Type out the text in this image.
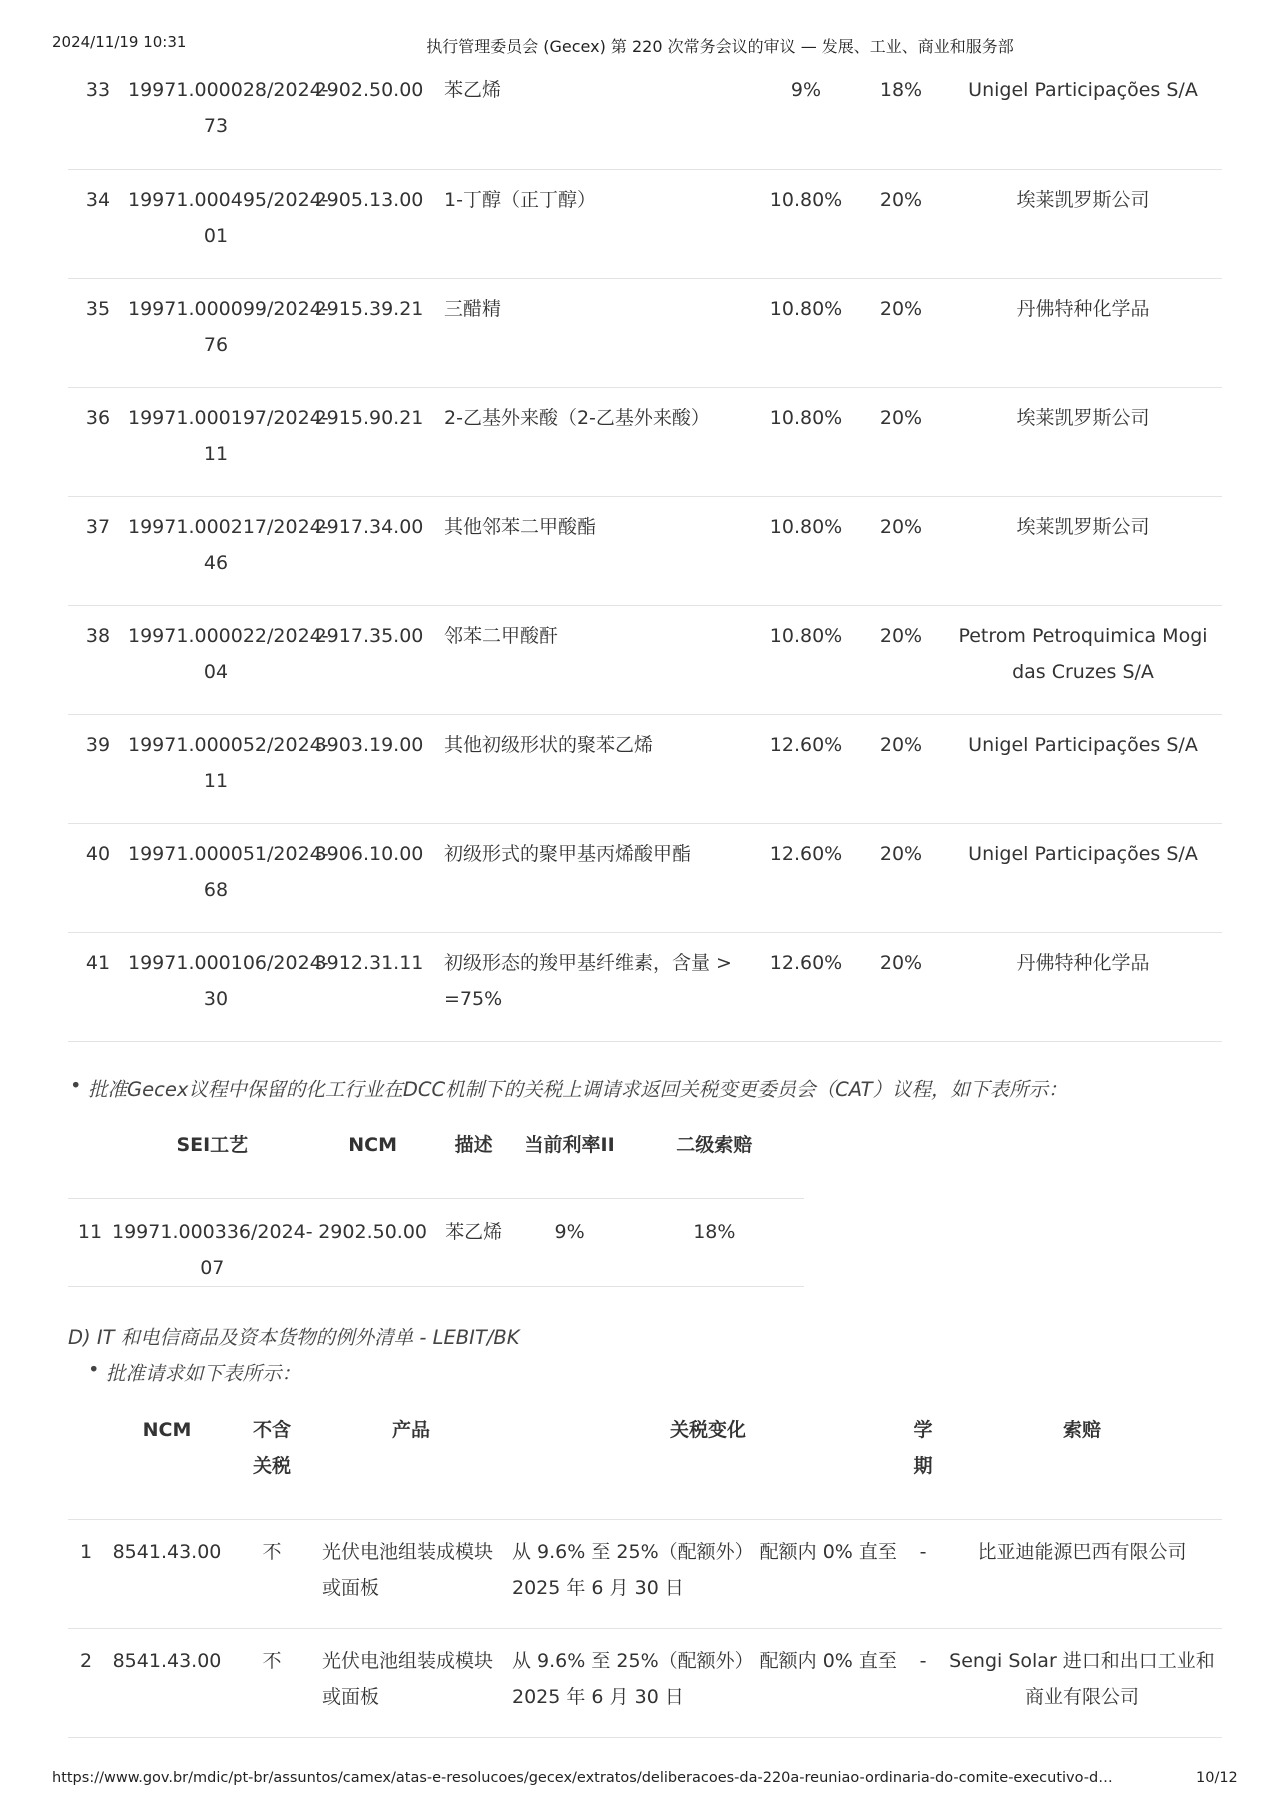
2024/11/19 10:31	执行管理委员会 (Gecex) 第 220 次常务会议的审议 — 发展、工业、商业和服务部
33	19971.000028/2024-73	2902.50.00	苯乙烯	9%	18%	Unigel Participações S/A
34	19971.000495/2024-01	2905.13.00	1-丁醇（正丁醇）	10.80%	20%	埃莱凯罗斯公司
35	19971.000099/2024-76	2915.39.21	三醋精	10.80%	20%	丹佛特种化学品
36	19971.000197/2024-11	2915.90.21	2-乙基外来酸（2-乙基外来酸）	10.80%	20%	埃莱凯罗斯公司
37	19971.000217/2024-46	2917.34.00	其他邻苯二甲酸酯	10.80%	20%	埃莱凯罗斯公司
38	19971.000022/2024-04	2917.35.00	邻苯二甲酸酐	10.80%	20%	Petrom Petroquimica Mogi das Cruzes S/A
39	19971.000052/2024-11	3903.19.00	其他初级形状的聚苯乙烯	12.60%	20%	Unigel Participações S/A
40	19971.000051/2024-68	3906.10.00	初级形式的聚甲基丙烯酸甲酯	12.60%	20%	Unigel Participações S/A
41	19971.000106/2024-30	3912.31.11	初级形态的羧甲基纤维素，含量 > =75%	12.60%	20%	丹佛特种化学品
• 批准Gecex议程中保留的化工行业在DCC机制下的关税上调请求返回关税变更委员会（CAT）议程，如下表所示：
	SEI工艺	NCM	描述	当前利率II	二级索赔
11	19971.000336/2024-07	2902.50.00	苯乙烯	9%	18%
D) IT 和电信商品及资本货物的例外清单 - LEBIT/BK
• 批准请求如下表所示：
	NCM	不含关税	产品	关税变化	学期	索赔
1	8541.43.00	不	光伏电池组装成模块或面板	从 9.6% 至 25%（配额外） 配额内 0% 直至 2025 年 6 月 30 日	-	比亚迪能源巴西有限公司
2	8541.43.00	不	光伏电池组装成模块或面板	从 9.6% 至 25%（配额外） 配额内 0% 直至 2025 年 6 月 30 日	-	Sengi Solar 进口和出口工业和商业有限公司
https://www.gov.br/mdic/pt-br/assuntos/camex/atas-e-resolucoes/gecex/extratos/deliberacoes-da-220a-reuniao-ordinaria-do-comite-executivo-d…	10/12
